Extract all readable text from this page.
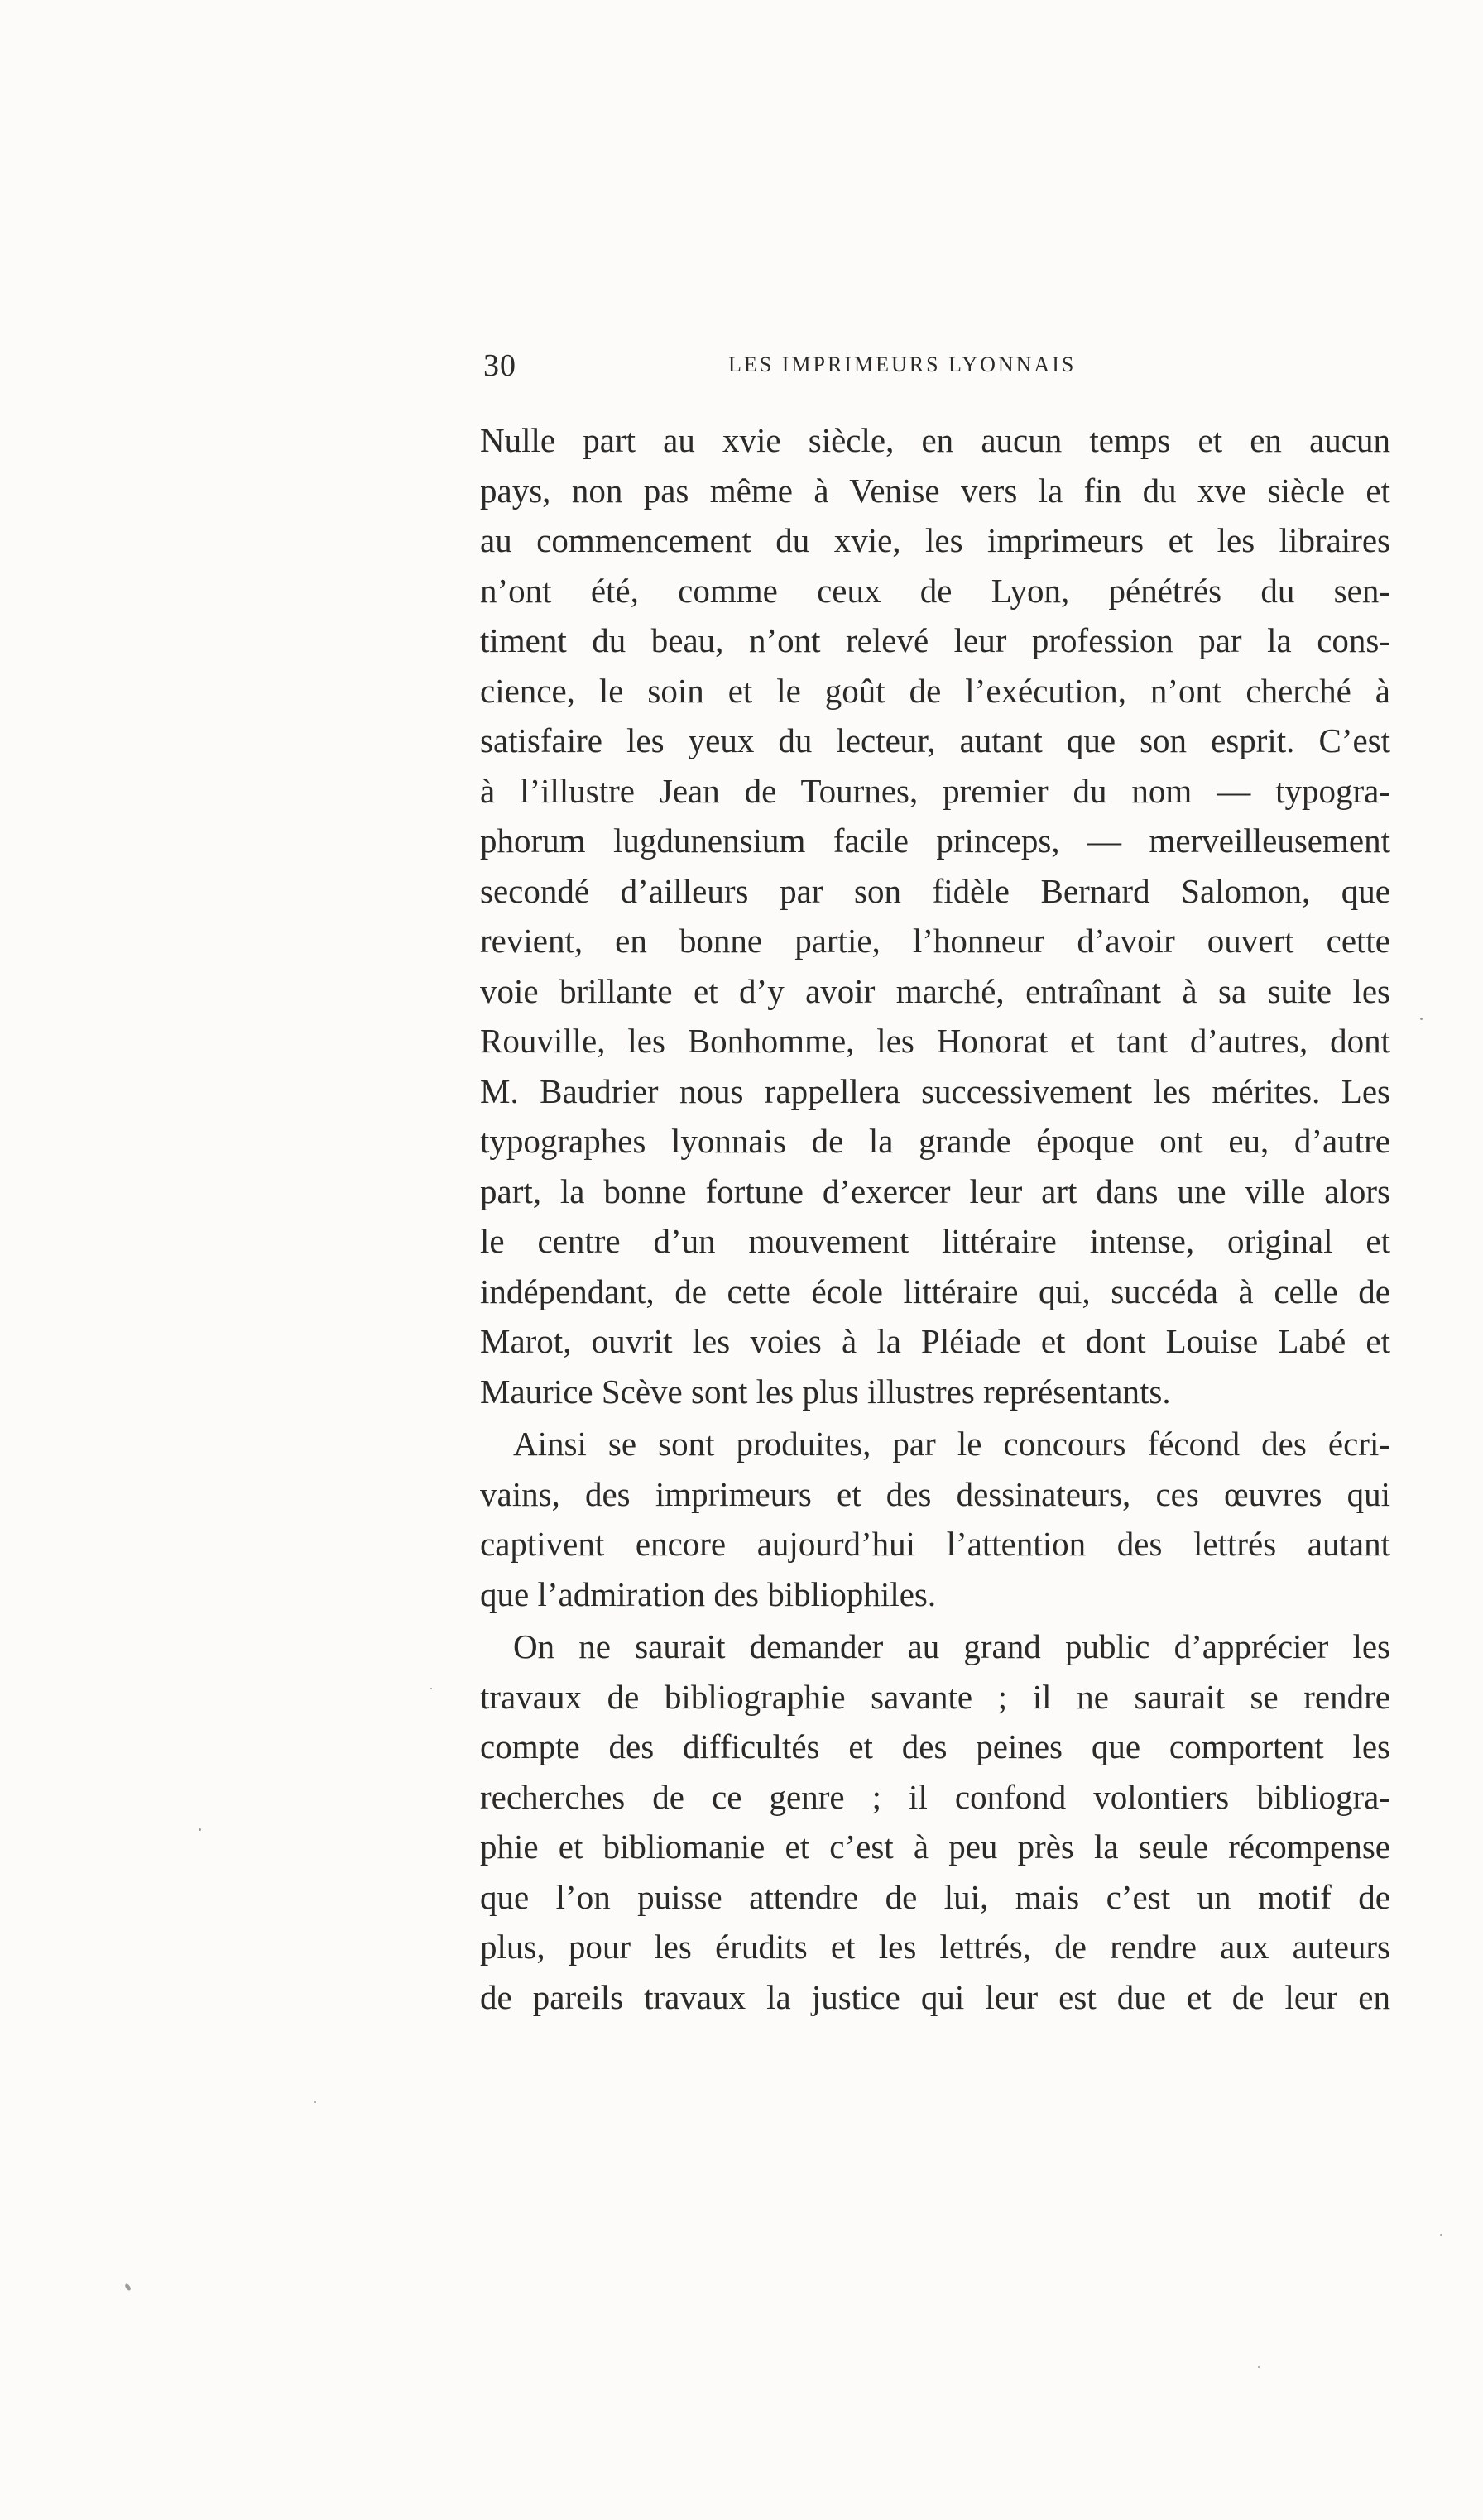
30	LES IMPRIMEURS LYONNAIS
Nulle part au xvie siècle, en aucun temps et en aucun
pays, non pas même à Venise vers la fin du xve siècle et
au commencement du xvie, les imprimeurs et les libraires
n’ont été, comme ceux de Lyon, pénétrés du sen-
timent du beau, n’ont relevé leur profession par la cons-
cience, le soin et le goût de l’exécution, n’ont cherché à
satisfaire les yeux du lecteur, autant que son esprit. C’est
à l’illustre Jean de Tournes, premier du nom — typogra-
phorum lugdunensium facile princeps, — merveilleusement
secondé d’ailleurs par son fidèle Bernard Salomon, que
revient, en bonne partie, l’honneur d’avoir ouvert cette
voie brillante et d’y avoir marché, entraînant à sa suite les
Rouville, les Bonhomme, les Honorat et tant d’autres, dont
M. Baudrier nous rappellera successivement les mérites. Les
typographes lyonnais de la grande époque ont eu, d’autre
part, la bonne fortune d’exercer leur art dans une ville alors
le centre d’un mouvement littéraire intense, original et
indépendant, de cette école littéraire qui, succéda à celle de
Marot, ouvrit les voies à la Pléiade et dont Louise Labé et
Maurice Scève sont les plus illustres représentants.
Ainsi se sont produites, par le concours fécond des écri-
vains, des imprimeurs et des dessinateurs, ces œuvres qui
captivent encore aujourd’hui l’attention des lettrés autant
que l’admiration des bibliophiles.
On ne saurait demander au grand public d’apprécier les
travaux de bibliographie savante ; il ne saurait se rendre
compte des difficultés et des peines que comportent les
recherches de ce genre ; il confond volontiers bibliogra-
phie et bibliomanie et c’est à peu près la seule récompense
que l’on puisse attendre de lui, mais c’est un motif de
plus, pour les érudits et les lettrés, de rendre aux auteurs
de pareils travaux la justice qui leur est due et de leur en
